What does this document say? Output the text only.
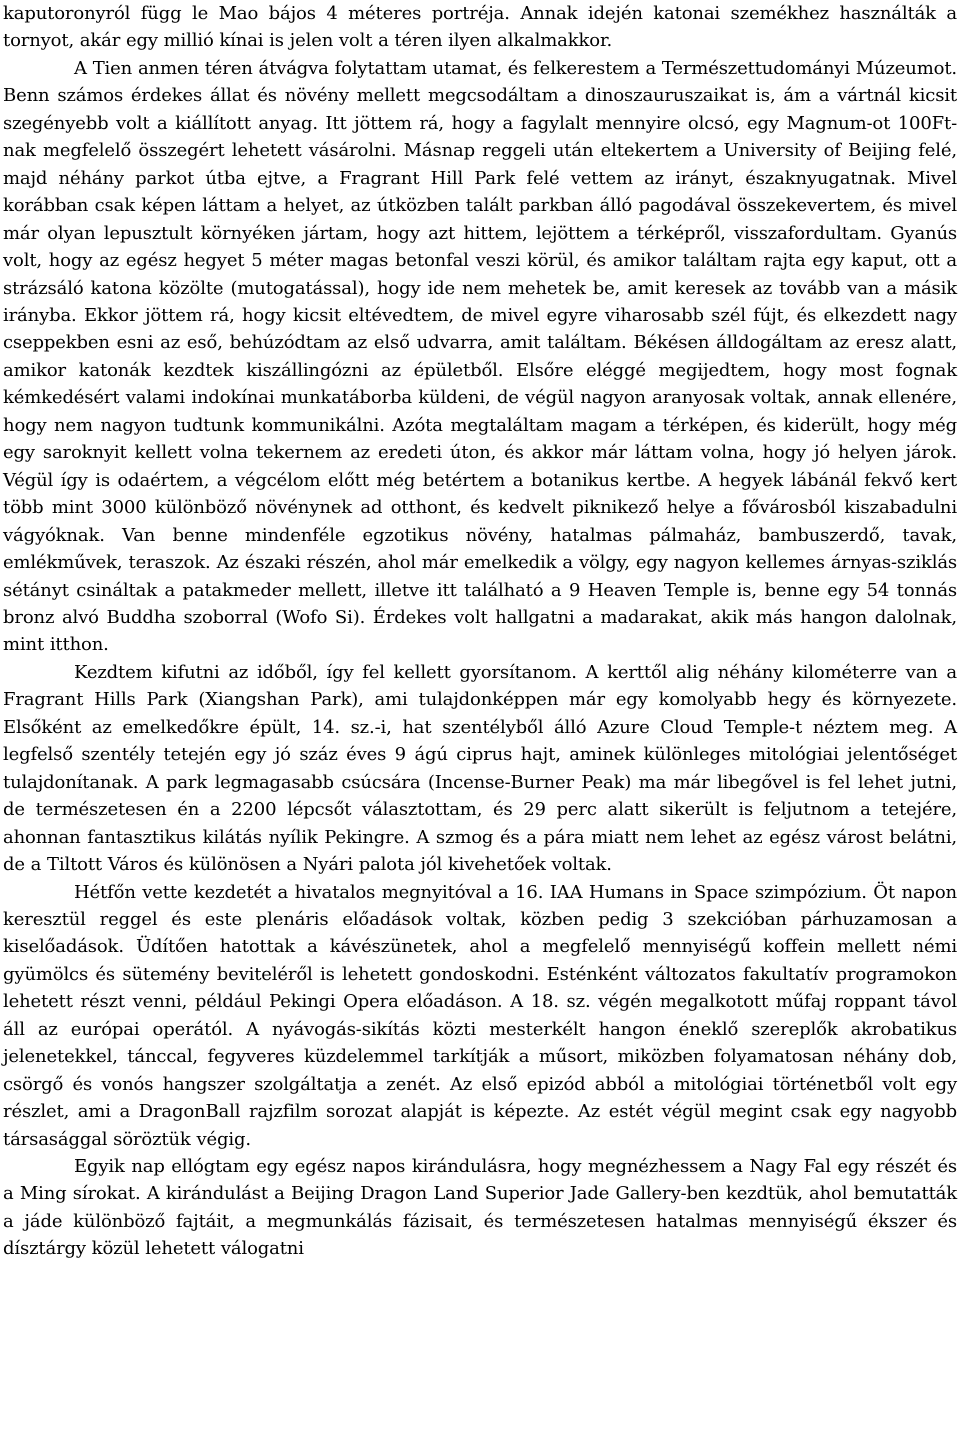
kaputoronyról függ le Mao bájos 4 méteres portréja. Annak idején katonai szemékhez használták a tornyot, akár egy millió kínai is jelen volt a téren ilyen alkalmakkor.

A Tien anmen téren átvágva folytattam utamat, és felkerestem a Természettudományi Múzeumot. Benn számos érdekes állat és növény mellett megcsodáltam a dinoszauruszaikat is, ám a vártnál kicsit szegényebb volt a kiállított anyag. Itt jöttem rá, hogy a fagylalt mennyire olcsó, egy Magnum-ot 100Ft-nak megfelelő összegért lehetett vásárolni. Másnap reggeli után eltekertem a University of Beijing felé, majd néhány parkot útba ejtve, a Fragrant Hill Park felé vettem az irányt, északnyugatnak. Mivel korábban csak képen láttam a helyet, az útközben talált parkban álló pagodával összekevertem, és mivel már olyan lepusztult környéken jártam, hogy azt hittem, lejöttem a térképről, visszafordultam. Gyanús volt, hogy az egész hegyet 5 méter magas betonfal veszi körül, és amikor találtam rajta egy kaput, ott a strázsáló katona közölte (mutogatással), hogy ide nem mehetek be, amit keresek az tovább van a másik irányba. Ekkor jöttem rá, hogy kicsit eltévedtem, de mivel egyre viharosabb szél fújt, és elkezdett nagy cseppekben esni az eső, behúzódtam az első udvarra, amit találtam. Békésen álldogáltam az eresz alatt, amikor katonák kezdtek kiszállingózni az épületből. Elsőre eléggé megijedtem, hogy most fognak kémkedésért valami indokínai munkatáborba küldeni, de végül nagyon aranyosak voltak, annak ellenére, hogy nem nagyon tudtunk kommunikálni. Azóta megtaláltam magam a térképen, és kiderült, hogy még egy saroknyit kellett volna tekernem az eredeti úton, és akkor már láttam volna, hogy jó helyen járok. Végül így is odaértem, a végcélom előtt még betértem a botanikus kertbe. A hegyek lábánál fekvő kert több mint 3000 különböző növénynek ad otthont, és kedvelt piknikező helye a fővárosból kiszabadulni vágyóknak. Van benne mindenféle egzotikus növény, hatalmas pálmaház, bambuszerdő, tavak, emlékművek, teraszok. Az északi részén, ahol már emelkedik a völgy, egy nagyon kellemes árnyas-sziklás sétányt csináltak a patakmeder mellett, illetve itt található a 9 Heaven Temple is, benne egy 54 tonnás bronz alvó Buddha szoborral (Wofo Si). Érdekes volt hallgatni a madarakat, akik más hangon dalolnak, mint itthon.

Kezdtem kifutni az időből, így fel kellett gyorsítanom. A kerttől alig néhány kilométerre van a Fragrant Hills Park (Xiangshan Park), ami tulajdonképpen már egy komolyabb hegy és környezete. Elsőként az emelkedőkre épült, 14. sz.-i, hat szentélyből álló Azure Cloud Temple-t néztem meg. A legfelső szentély tetején egy jó száz éves 9 ágú ciprus hajt, aminek különleges mitológiai jelentőséget tulajdonítanak. A park legmagasabb csúcsára (Incense-Burner Peak) ma már libegővel is fel lehet jutni, de természetesen én a 2200 lépcsőt választottam, és 29 perc alatt sikerült is feljutnom a tetejére, ahonnan fantasztikus kilátás nyílik Pekingre. A szmog és a pára miatt nem lehet az egész várost belátni, de a Tiltott Város és különösen a Nyári palota jól kivehetőek voltak.

Hétfőn vette kezdetét a hivatalos megnyitóval a 16. IAA Humans in Space szimpózium. Öt napon keresztül reggel és este plenáris előadások voltak, közben pedig 3 szekcióban párhuzamosan a kiselőadások. Üdítően hatottak a kávészünetek, ahol a megfelelő mennyiségű koffein mellett némi gyümölcs és sütemény beviteléről is lehetett gondoskodni. Esténként változatos fakultatív programokon lehetett részt venni, például Pekingi Opera előadáson. A 18. sz. végén megalkotott műfaj roppant távol áll az európai operától. A nyávogás-sikítás közti mesterkélt hangon éneklő szereplők akrobatikus jelenetekkel, tánccal, fegyveres küzdelemmel tarkítják a műsort, miközben folyamatosan néhány dob, csörgő és vonós hangszer szolgáltatja a zenét. Az első epizód abból a mitológiai történetből volt egy részlet, ami a DragonBall rajzfilm sorozat alapját is képezte. Az estét végül megint csak egy nagyobb társasággal söröztük végig.

Egyik nap ellógtam egy egész napos kirándulásra, hogy megnézhessem a Nagy Fal egy részét és a Ming sírokat. A kirándulást a Beijing Dragon Land Superior Jade Gallery-ben kezdtük, ahol bemutatták a jáde különböző fajtáit, a megmunkálás fázisait, és természetesen hatalmas mennyiségű ékszer és dísztárgy közül lehetett válogatni
